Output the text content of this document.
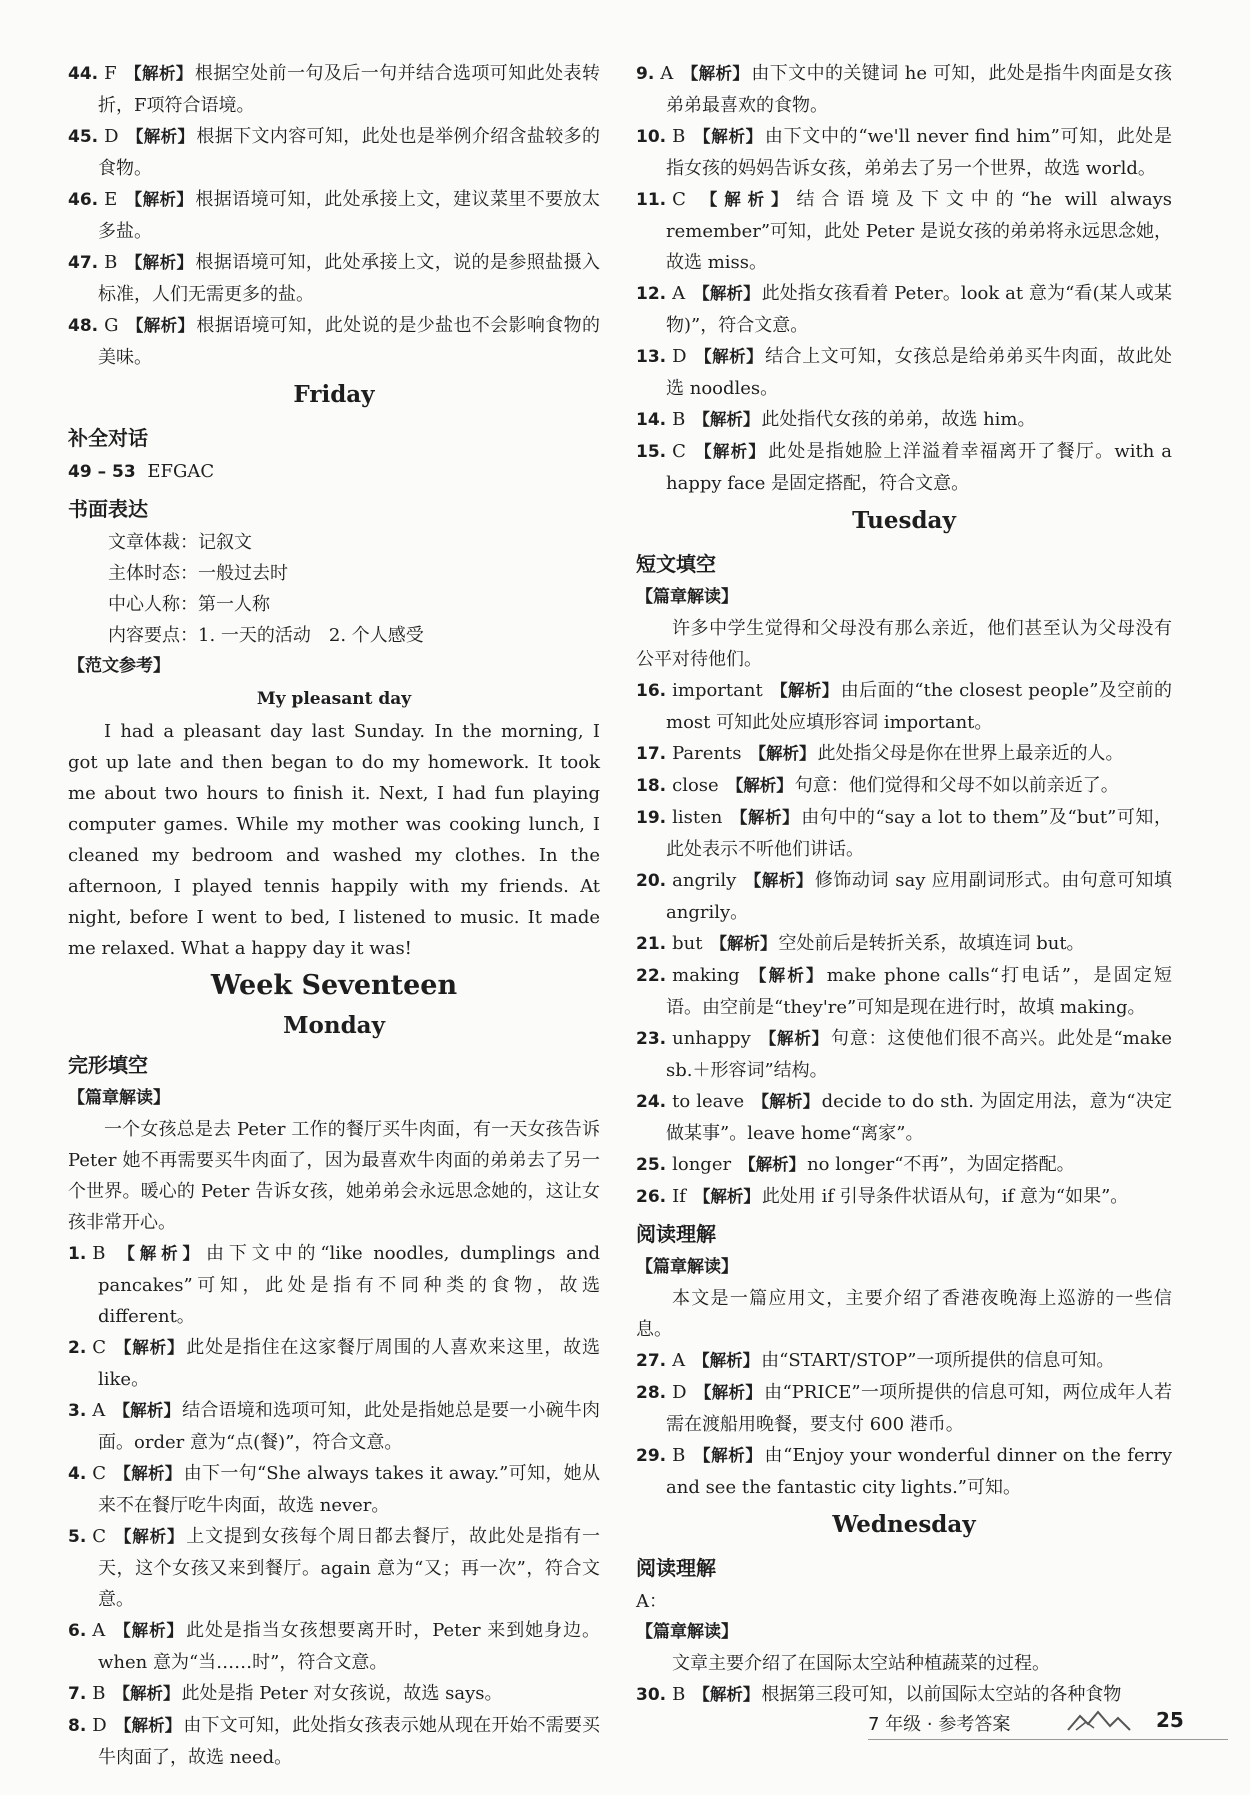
44. F 【解析】 根据空处前一句及后一句并结合选项可知此处表转折，F项符合语境。
45. D 【解析】 根据下文内容可知，此处也是举例介绍含盐较多的食物。
46. E 【解析】 根据语境可知，此处承接上文，建议菜里不要放太多盐。
47. B 【解析】 根据语境可知，此处承接上文，说的是参照盐摄入标准，人们无需更多的盐。
48. G 【解析】 根据语境可知，此处说的是少盐也不会影响食物的美味。
Friday
补全对话
49 – 53 EFGAC
书面表达
文章体裁：记叙文
主体时态：一般过去时
中心人称：第一人称
内容要点：1. 一天的活动　2. 个人感受
【范文参考】
My pleasant day
I had a pleasant day last Sunday. In the morning, I got up late and then began to do my homework. It took me about two hours to finish it. Next, I had fun playing computer games. While my mother was cooking lunch, I cleaned my bedroom and washed my clothes. In the afternoon, I played tennis happily with my friends. At night, before I went to bed, I listened to music. It made me relaxed. What a happy day it was!
Week Seventeen
Monday
完形填空
【篇章解读】
一个女孩总是去 Peter 工作的餐厅买牛肉面，有一天女孩告诉 Peter 她不再需要买牛肉面了，因为最喜欢牛肉面的弟弟去了另一个世界。暖心的 Peter 告诉女孩，她弟弟会永远思念她的，这让女孩非常开心。
1. B 【解析】 由下文中的“like noodles, dumplings and pancakes”可知，此处是指有不同种类的食物，故选 different。
2. C 【解析】 此处是指住在这家餐厅周围的人喜欢来这里，故选 like。
3. A 【解析】 结合语境和选项可知，此处是指她总是要一小碗牛肉面。order 意为“点(餐)”，符合文意。
4. C 【解析】 由下一句“She always takes it away.”可知，她从来不在餐厅吃牛肉面，故选 never。
5. C 【解析】 上文提到女孩每个周日都去餐厅，故此处是指有一天，这个女孩又来到餐厅。again 意为“又；再一次”，符合文意。
6. A 【解析】 此处是指当女孩想要离开时，Peter 来到她身边。when 意为“当……时”，符合文意。
7. B 【解析】 此处是指 Peter 对女孩说，故选 says。
8. D 【解析】 由下文可知，此处指女孩表示她从现在开始不需要买牛肉面了，故选 need。
9. A 【解析】 由下文中的关键词 he 可知，此处是指牛肉面是女孩弟弟最喜欢的食物。
10. B 【解析】 由下文中的“we'll never find him”可知，此处是指女孩的妈妈告诉女孩，弟弟去了另一个世界，故选 world。
11. C 【解析】 结合语境及下文中的“he will always remember”可知，此处 Peter 是说女孩的弟弟将永远思念她，故选 miss。
12. A 【解析】 此处指女孩看着 Peter。look at 意为“看(某人或某物)”，符合文意。
13. D 【解析】 结合上文可知，女孩总是给弟弟买牛肉面，故此处选 noodles。
14. B 【解析】 此处指代女孩的弟弟，故选 him。
15. C 【解析】 此处是指她脸上洋溢着幸福离开了餐厅。with a happy face 是固定搭配，符合文意。
Tuesday
短文填空
【篇章解读】
许多中学生觉得和父母没有那么亲近，他们甚至认为父母没有公平对待他们。
16. important 【解析】 由后面的“the closest people”及空前的 most 可知此处应填形容词 important。
17. Parents 【解析】 此处指父母是你在世界上最亲近的人。
18. close 【解析】 句意：他们觉得和父母不如以前亲近了。
19. listen 【解析】 由句中的“say a lot to them”及“but”可知，此处表示不听他们讲话。
20. angrily 【解析】 修饰动词 say 应用副词形式。由句意可知填 angrily。
21. but 【解析】 空处前后是转折关系，故填连词 but。
22. making 【解析】 make phone calls“打电话”，是固定短语。由空前是“they're”可知是现在进行时，故填 making。
23. unhappy 【解析】 句意：这使他们很不高兴。此处是“make sb.＋形容词”结构。
24. to leave 【解析】 decide to do sth. 为固定用法，意为“决定做某事”。leave home“离家”。
25. longer 【解析】 no longer“不再”，为固定搭配。
26. If 【解析】 此处用 if 引导条件状语从句，if 意为“如果”。
阅读理解
【篇章解读】
本文是一篇应用文，主要介绍了香港夜晚海上巡游的一些信息。
27. A 【解析】 由“START/STOP”一项所提供的信息可知。
28. D 【解析】 由“PRICE”一项所提供的信息可知，两位成年人若需在渡船用晚餐，要支付 600 港币。
29. B 【解析】 由“Enjoy your wonderful dinner on the ferry and see the fantastic city lights.”可知。
Wednesday
阅读理解
A：
【篇章解读】
文章主要介绍了在国际太空站种植蔬菜的过程。
30. B 【解析】 根据第三段可知，以前国际太空站的各种食物
7 年级 · 参考答案	25
